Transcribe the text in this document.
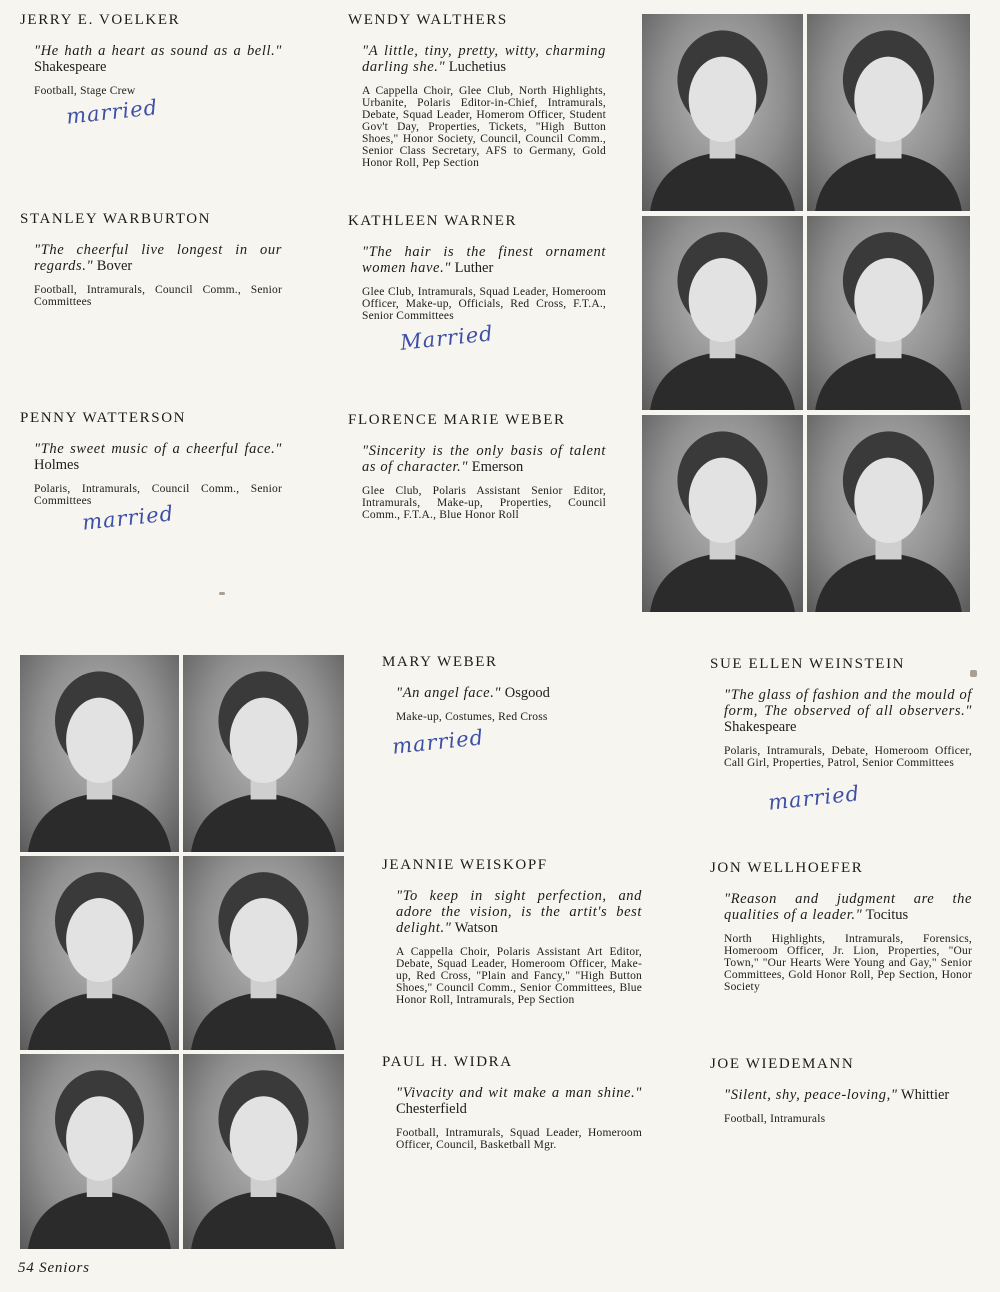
JERRY E. VOELKER
"He hath a heart as sound as a bell." Shakespeare
Football, Stage Crew
married
WENDY WALTHERS
"A little, tiny, pretty, witty, charming darling she." Luchetius
A Cappella Choir, Glee Club, North Highlights, Urbanite, Polaris Editor-in-Chief, Intramurals, Debate, Squad Leader, Homerom Officer, Student Gov't Day, Properties, Tickets, "High Button Shoes," Honor Society, Council, Council Comm., Senior Class Secretary, AFS to Germany, Gold Honor Roll, Pep Section
STANLEY WARBURTON
"The cheerful live longest in our regards." Bover
Football, Intramurals, Council Comm., Senior Committees
KATHLEEN WARNER
"The hair is the finest ornament women have." Luther
Glee Club, Intramurals, Squad Leader, Homeroom Officer, Make-up, Officials, Red Cross, F.T.A., Senior Committees
Married
PENNY WATTERSON
"The sweet music of a cheerful face." Holmes
Polaris, Intramurals, Council Comm., Senior Committees
married
FLORENCE MARIE WEBER
"Sincerity is the only basis of talent as of character." Emerson
Glee Club, Polaris Assistant Senior Editor, Intramurals, Make-up, Properties, Council Comm., F.T.A., Blue Honor Roll
MARY WEBER
"An angel face." Osgood
Make-up, Costumes, Red Cross
married
SUE ELLEN WEINSTEIN
"The glass of fashion and the mould of form, The observed of all observers." Shakespeare
Polaris, Intramurals, Debate, Homeroom Officer, Call Girl, Properties, Patrol, Senior Committees
married
JEANNIE WEISKOPF
"To keep in sight perfection, and adore the vision, is the artit's best delight." Watson
A Cappella Choir, Polaris Assistant Art Editor, Debate, Squad Leader, Homeroom Officer, Make-up, Red Cross, "Plain and Fancy," "High Button Shoes," Council Comm., Senior Committees, Blue Honor Roll, Intramurals, Pep Section
JON WELLHOEFER
"Reason and judgment are the qualities of a leader." Tocitus
North Highlights, Intramurals, Forensics, Homeroom Officer, Jr. Lion, Properties, "Our Town," "Our Hearts Were Young and Gay," Senior Committees, Gold Honor Roll, Pep Section, Honor Society
PAUL H. WIDRA
"Vivacity and wit make a man shine." Chesterfield
Football, Intramurals, Squad Leader, Homeroom Officer, Council, Basketball Mgr.
JOE WIEDEMANN
"Silent, shy, peace-loving," Whittier
Football, Intramurals
54 Seniors
